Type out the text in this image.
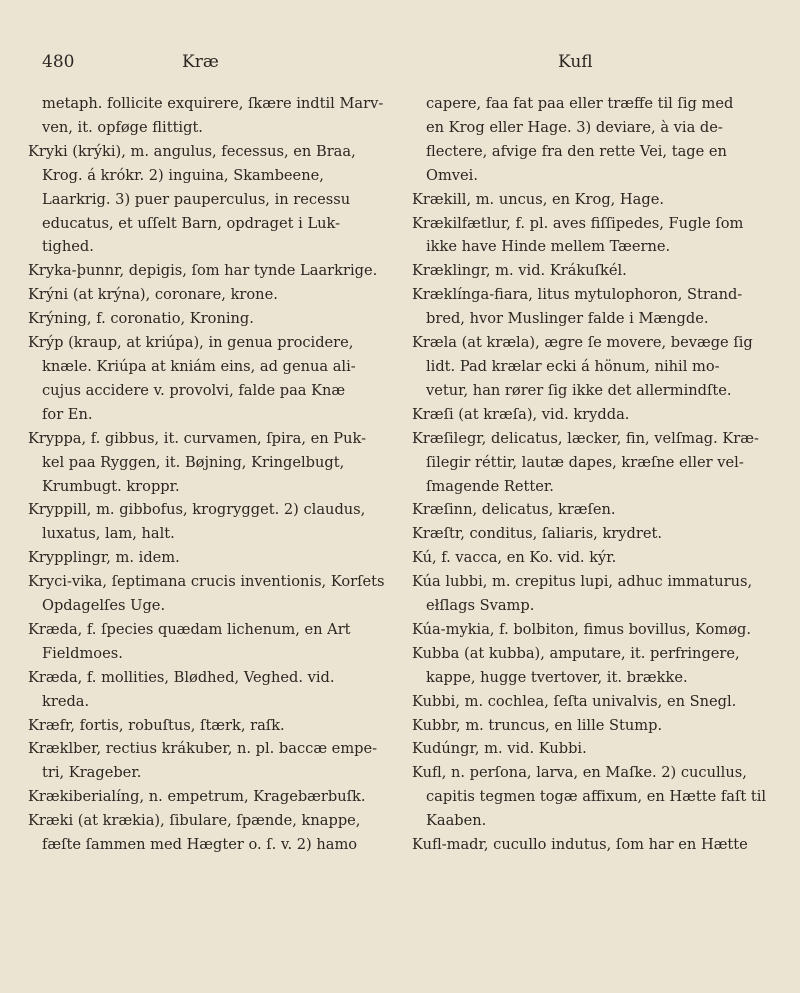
480	Kræ	Kufl
metaph. follicite exquirere, ſkære indtil Marv-
ven, it. opføge flittigt.
Kryki (krýki), m. angulus, fecessus, en Braa,
Krog. á krókr. 2) inguina, Skambeene,
Laarkrig. 3) puer pauperculus, in recessu
educatus, et uſſelt Barn, opdraget i Luk-
tighed.
Kryka-þunnr, depigis, ſom har tynde Laarkrige.
Krýni (at krýna), coronare, krone.
Krýning, f. coronatio, Kroning.
Krýp (kraup, at kriúpa), in genua procidere,
knæle. Kriúpa at kniám eins, ad genua ali-
cujus accidere v. provolvi, falde paa Knæ
for En.
Kryppa, f. gibbus, it. curvamen, ſpira, en Puk-
kel paa Ryggen, it. Bøjning, Kringelbugt,
Krumbugt. kroppr.
Kryppill, m. gibbofus, krogrygget. 2) claudus,
luxatus, lam, halt.
Krypplingr, m. idem.
Kryci-vika, ſeptimana crucis inventionis, Korſets
Opdagelſes Uge.
Kræda, f. ſpecies quædam lichenum, en Art
Fieldmoes.
Kræda, f. mollities, Blødhed, Veghed. vid.
kreda.
Kræfr, fortis, robuſtus, ſtærk, raſk.
Kræklber, rectius krákuber, n. pl. baccæ empe-
tri, Krageber.
Krækiberialíng, n. empetrum, Kragebærbuſk.
Kræki (at krækia), ſibulare, ſpænde, knappe,
fæſte ſammen med Hægter o. ſ. v. 2) hamo
capere, faa fat paa eller træffe til ſig med
en Krog eller Hage. 3) deviare, à via de-
flectere, afvige fra den rette Vei, tage en
Omvei.
Krækill, m. uncus, en Krog, Hage.
Krækilfætlur, f. pl. aves fiſſipedes, Fugle ſom
ikke have Hinde mellem Tæerne.
Kræklingr, m. vid. Krákuſkél.
Kræklínga-fiara, litus mytulophoron, Strand-
bred, hvor Muslinger falde i Mængde.
Kræla (at kræla), ægre ſe movere, bevæge ſig
lidt. Pad krælar ecki á hönum, nihil mo-
vetur, han rører ſig ikke det allermindſte.
Kræſi (at kræſa), vid. krydda.
Kræſilegr, delicatus, læcker, fin, velſmag. Kræ-
ſilegir réttir, lautæ dapes, kræſne eller vel-
ſmagende Retter.
Kræſinn, delicatus, kræſen.
Kræſtr, conditus, ſaliaris, krydret.
Kú, f. vacca, en Ko. vid. kýr.
Kúa lubbi, m. crepitus lupi, adhuc immaturus,
ełſlags Svamp.
Kúa-mykia, f. bolbiton, fimus bovillus, Komøg.
Kubba (at kubba), amputare, it. perfringere,
kappe, hugge tvertover, it. brække.
Kubbi, m. cochlea, ſeſta univalvis, en Snegl.
Kubbr, m. truncus, en lille Stump.
Kudúngr, m. vid. Kubbi.
Kufl, n. perſona, larva, en Maſke. 2) cucullus,
capitis tegmen togæ affixum, en Hætte faſt til
Kaaben.
Kufl-madr, cucullo indutus, ſom har en Hætte
